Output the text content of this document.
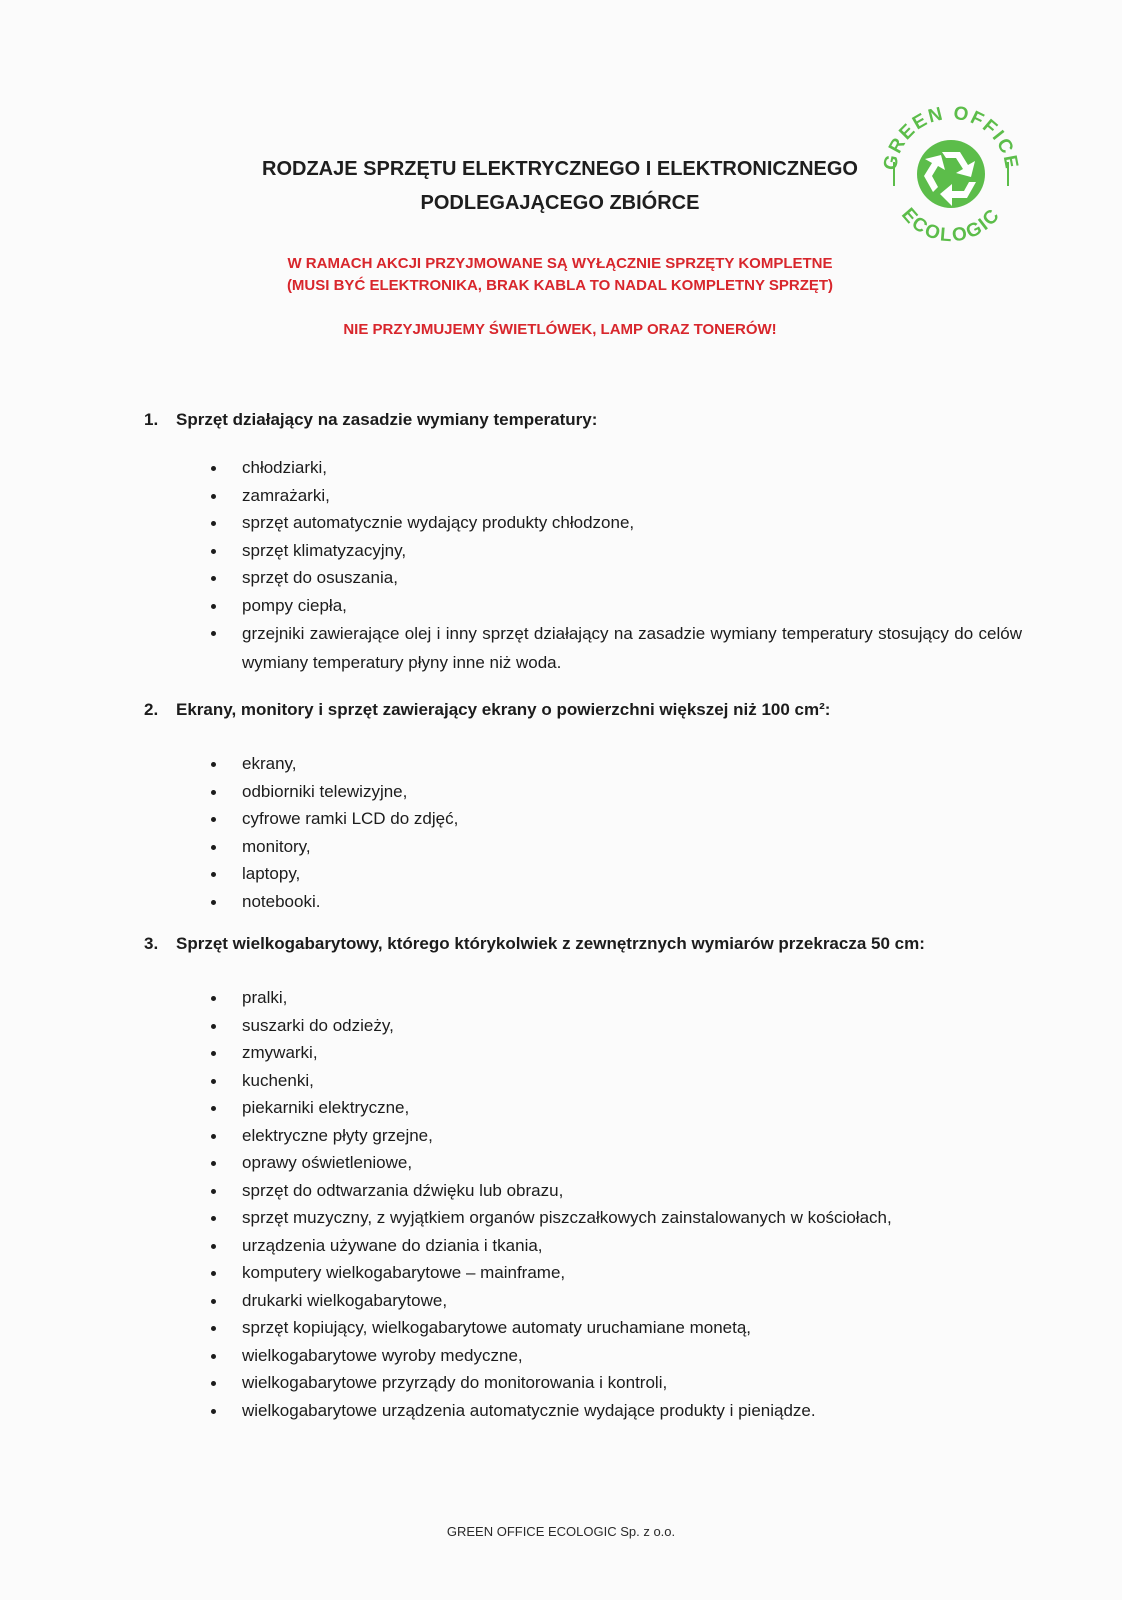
RODZAJE SPRZĘTU ELEKTRYCZNEGO I ELEKTRONICZNEGO
PODLEGAJĄCEGO ZBIÓRCE
GREEN OFFICE
ECOLOGIC
W RAMACH AKCJI PRZYJMOWANE SĄ WYŁĄCZNIE SPRZĘTY KOMPLETNE
(MUSI BYĆ ELEKTRONIKA, BRAK KABLA TO NADAL KOMPLETNY SPRZĘT)
NIE PRZYJMUJEMY ŚWIETLÓWEK, LAMP ORAZ TONERÓW!
1. Sprzęt działający na zasadzie wymiany temperatury:
chłodziarki,
zamrażarki,
sprzęt automatycznie wydający produkty chłodzone,
sprzęt klimatyzacyjny,
sprzęt do osuszania,
pompy ciepła,
grzejniki zawierające olej i inny sprzęt działający na zasadzie wymiany temperatury stosujący do celów wymiany temperatury płyny inne niż woda.
2. Ekrany, monitory i sprzęt zawierający ekrany o powierzchni większej niż 100 cm²:
ekrany,
odbiorniki telewizyjne,
cyfrowe ramki LCD do zdjęć,
monitory,
laptopy,
notebooki.
3. Sprzęt wielkogabarytowy, którego którykolwiek z zewnętrznych wymiarów przekracza 50 cm:
pralki,
suszarki do odzieży,
zmywarki,
kuchenki,
piekarniki elektryczne,
elektryczne płyty grzejne,
oprawy oświetleniowe,
sprzęt do odtwarzania dźwięku lub obrazu,
sprzęt muzyczny, z wyjątkiem organów piszczałkowych zainstalowanych w kościołach,
urządzenia używane do dziania i tkania,
komputery wielkogabarytowe – mainframe,
drukarki wielkogabarytowe,
sprzęt kopiujący, wielkogabarytowe automaty uruchamiane monetą,
wielkogabarytowe wyroby medyczne,
wielkogabarytowe przyrządy do monitorowania i kontroli,
wielkogabarytowe urządzenia automatycznie wydające produkty i pieniądze.
GREEN OFFICE ECOLOGIC Sp. z o.o.
